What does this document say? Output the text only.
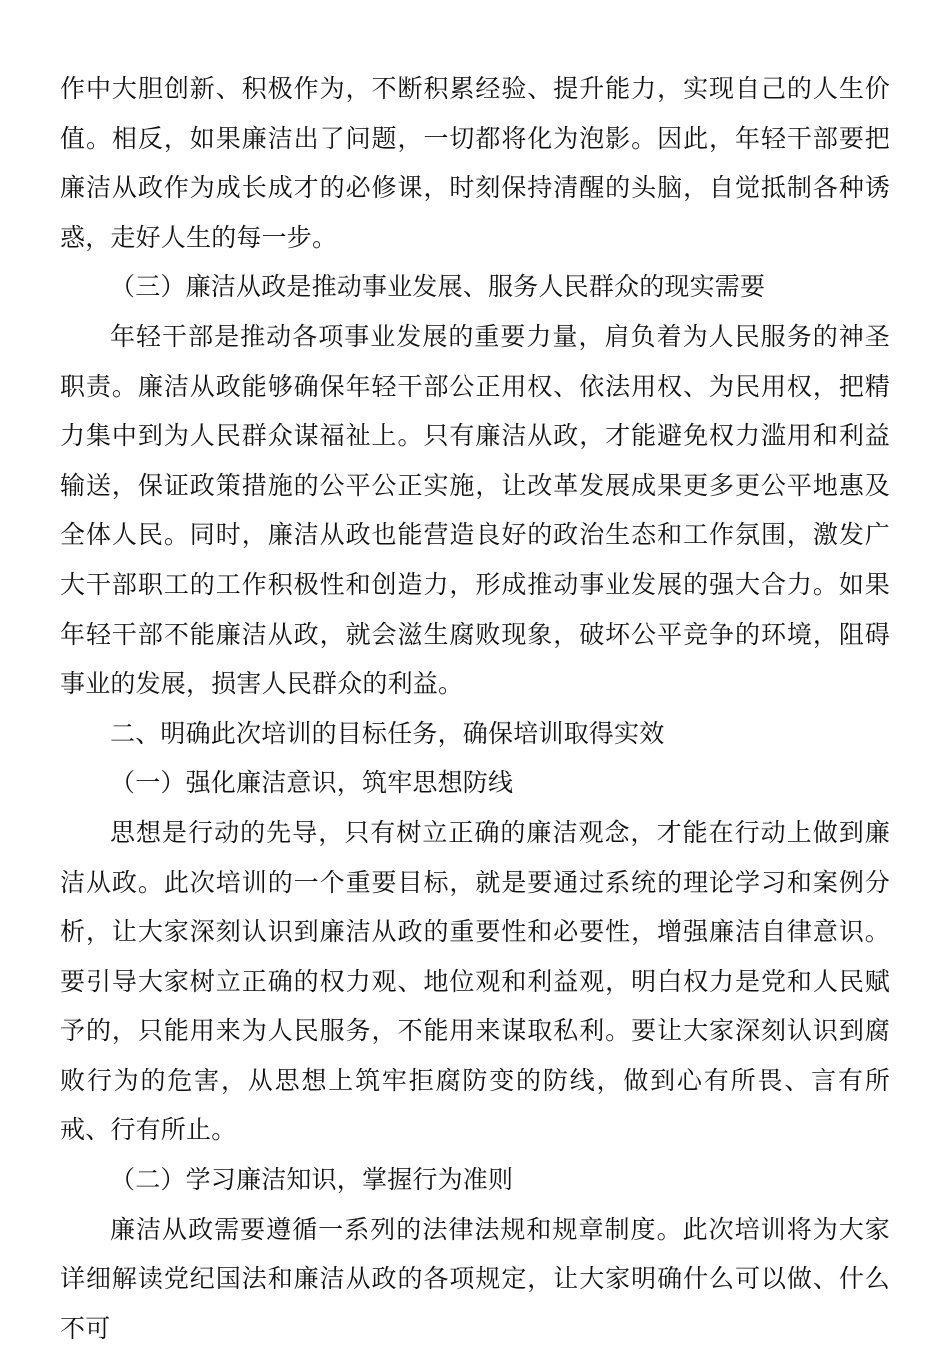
作中大胆创新、积极作为，不断积累经验、提升能力，实现自己的人生价值。相反，如果廉洁出了问题，一切都将化为泡影。因此，年轻干部要把廉洁从政作为成长成才的必修课，时刻保持清醒的头脑，自觉抵制各种诱惑，走好人生的每一步。

（三）廉洁从政是推动事业发展、服务人民群众的现实需要

年轻干部是推动各项事业发展的重要力量，肩负着为人民服务的神圣职责。廉洁从政能够确保年轻干部公正用权、依法用权、为民用权，把精力集中到为人民群众谋福祉上。只有廉洁从政，才能避免权力滥用和利益输送，保证政策措施的公平公正实施，让改革发展成果更多更公平地惠及全体人民。同时，廉洁从政也能营造良好的政治生态和工作氛围，激发广大干部职工的工作积极性和创造力，形成推动事业发展的强大合力。如果年轻干部不能廉洁从政，就会滋生腐败现象，破坏公平竞争的环境，阻碍事业的发展，损害人民群众的利益。

二、明确此次培训的目标任务，确保培训取得实效

（一）强化廉洁意识，筑牢思想防线

思想是行动的先导，只有树立正确的廉洁观念，才能在行动上做到廉洁从政。此次培训的一个重要目标，就是要通过系统的理论学习和案例分析，让大家深刻认识到廉洁从政的重要性和必要性，增强廉洁自律意识。要引导大家树立正确的权力观、地位观和利益观，明白权力是党和人民赋予的，只能用来为人民服务，不能用来谋取私利。要让大家深刻认识到腐败行为的危害，从思想上筑牢拒腐防变的防线，做到心有所畏、言有所戒、行有所止。

（二）学习廉洁知识，掌握行为准则

廉洁从政需要遵循一系列的法律法规和规章制度。此次培训将为大家详细解读党纪国法和廉洁从政的各项规定，让大家明确什么可以做、什么不可
